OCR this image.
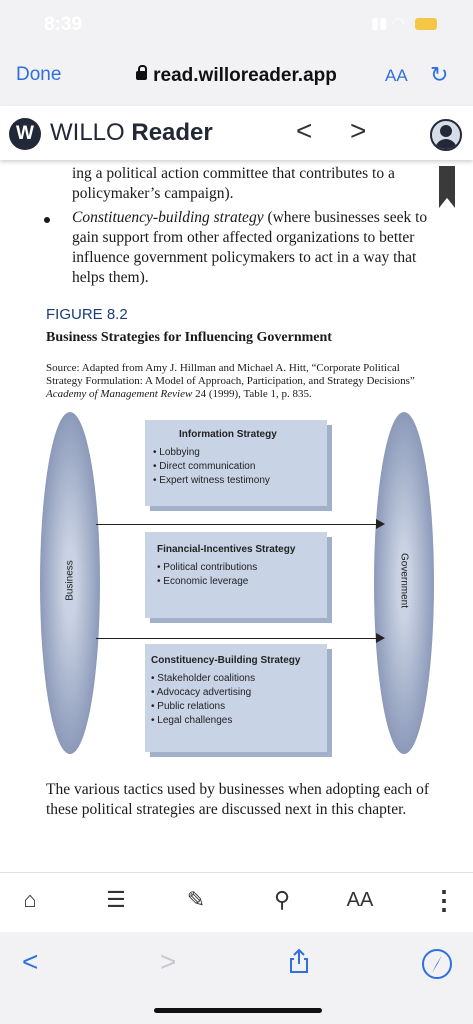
8:39	▮▮ ◠
Done	read.willoreader.app	AA ↻
W WILLO Reader	< >
ing a political action committee that contributes to a policymaker’s campaign).
Constituency-building strategy (where businesses seek to gain support from other affected organizations to better influence government policymakers to act in a way that helps them).
FIGURE 8.2
Business Strategies for Influencing Government
Source: Adapted from Amy J. Hillman and Michael A. Hitt, “Corporate Political Strategy Formulation: A Model of Approach, Participation, and Strategy Decisions” Academy of Management Review 24 (1999), Table 1, p. 835.
Business	Government
Information Strategy
• Lobbying
• Direct communication
• Expert witness testimony
Financial-Incentives Strategy
• Political contributions
• Economic leverage
Constituency-Building Strategy
• Stakeholder coalitions
• Advocacy advertising
• Public relations
• Legal challenges
The various tactics used by businesses when adopting each of these political strategies are discussed next in this chapter.
⌂	☰	✎	⚲	AA ⋮
<	>
